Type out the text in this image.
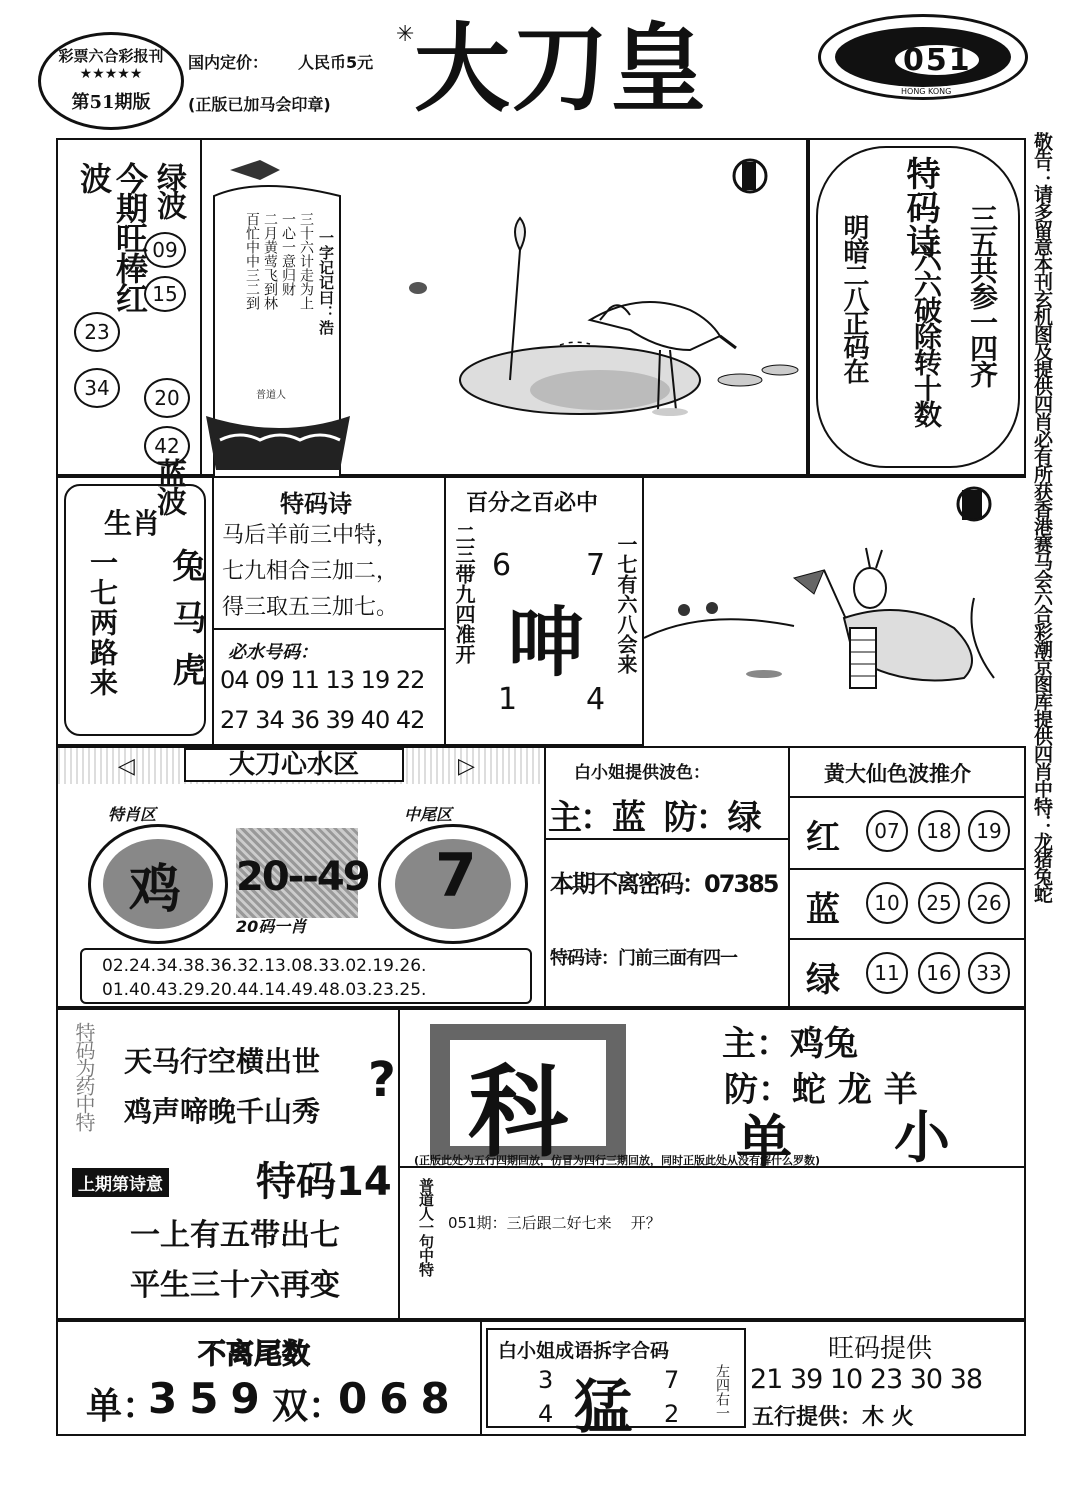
彩票六合彩报刊
★★★★★
第51期版
国内定价： 人民币5元
(正版已加马会印章)
✳ 大刀皇	051
HONG KONG
敬告：请多留意本刊玄机图及提供四肖必有所获香港赛马会六合彩潮京图库提供四肖中特：龙猪兔蛇
今期旺棒红波	绿波
蓝波
09
15
23
34	20
42
三十六计走为上
一心一意归财
二月黄莺飞到林
百忙中中三二到	一字记记曰：浩
普道人
特码诗 三五共参一四齐
六六破除转十数
明暗二八正码在
生肖
一七两路来 兔马虎
特码诗
马后羊前三中特，
七九相合三加二，
得三取五三加七。
必水号码：
04 09 11 13 19 22
27 34 36 39 40 42
百分之百必中
二三带九四准开	一七有六八会来
6 7
1 4
呻
◁	▷
大刀心水区
鸡
特肖区
20--49
20码一肖
7
中尾区
02.24.34.38.36.32.13.08.33.02.19.26.
01.40.43.29.20.44.14.49.48.03.23.25.
白小姐提供波色：
主：蓝  防：绿
本期不离密码：07385
特码诗：门前三面有四一
黄大仙色波推介
红	07	18	19
蓝	10	25	26
绿	11	16	33
特码为药中特 天马行空横出世
鸡声啼晚千山秀
?
特码14
上期第诗意
一上有五带出七
平生三十六再变
科
主：鸡兔
防：蛇 龙 羊
单 小
(正版此处为五行四期回放，仿冒为四行三期回放，同时正版此处从没有解什么罗数)
普道人一句中特 051期：三后跟二好七来    开？
不离尾数
单：
359 双：
068
白小姐成语拆字合码
3
4 猛 7
2 左四右一
旺码提供
21 39 10 23 30 38
五行提供：木 火
